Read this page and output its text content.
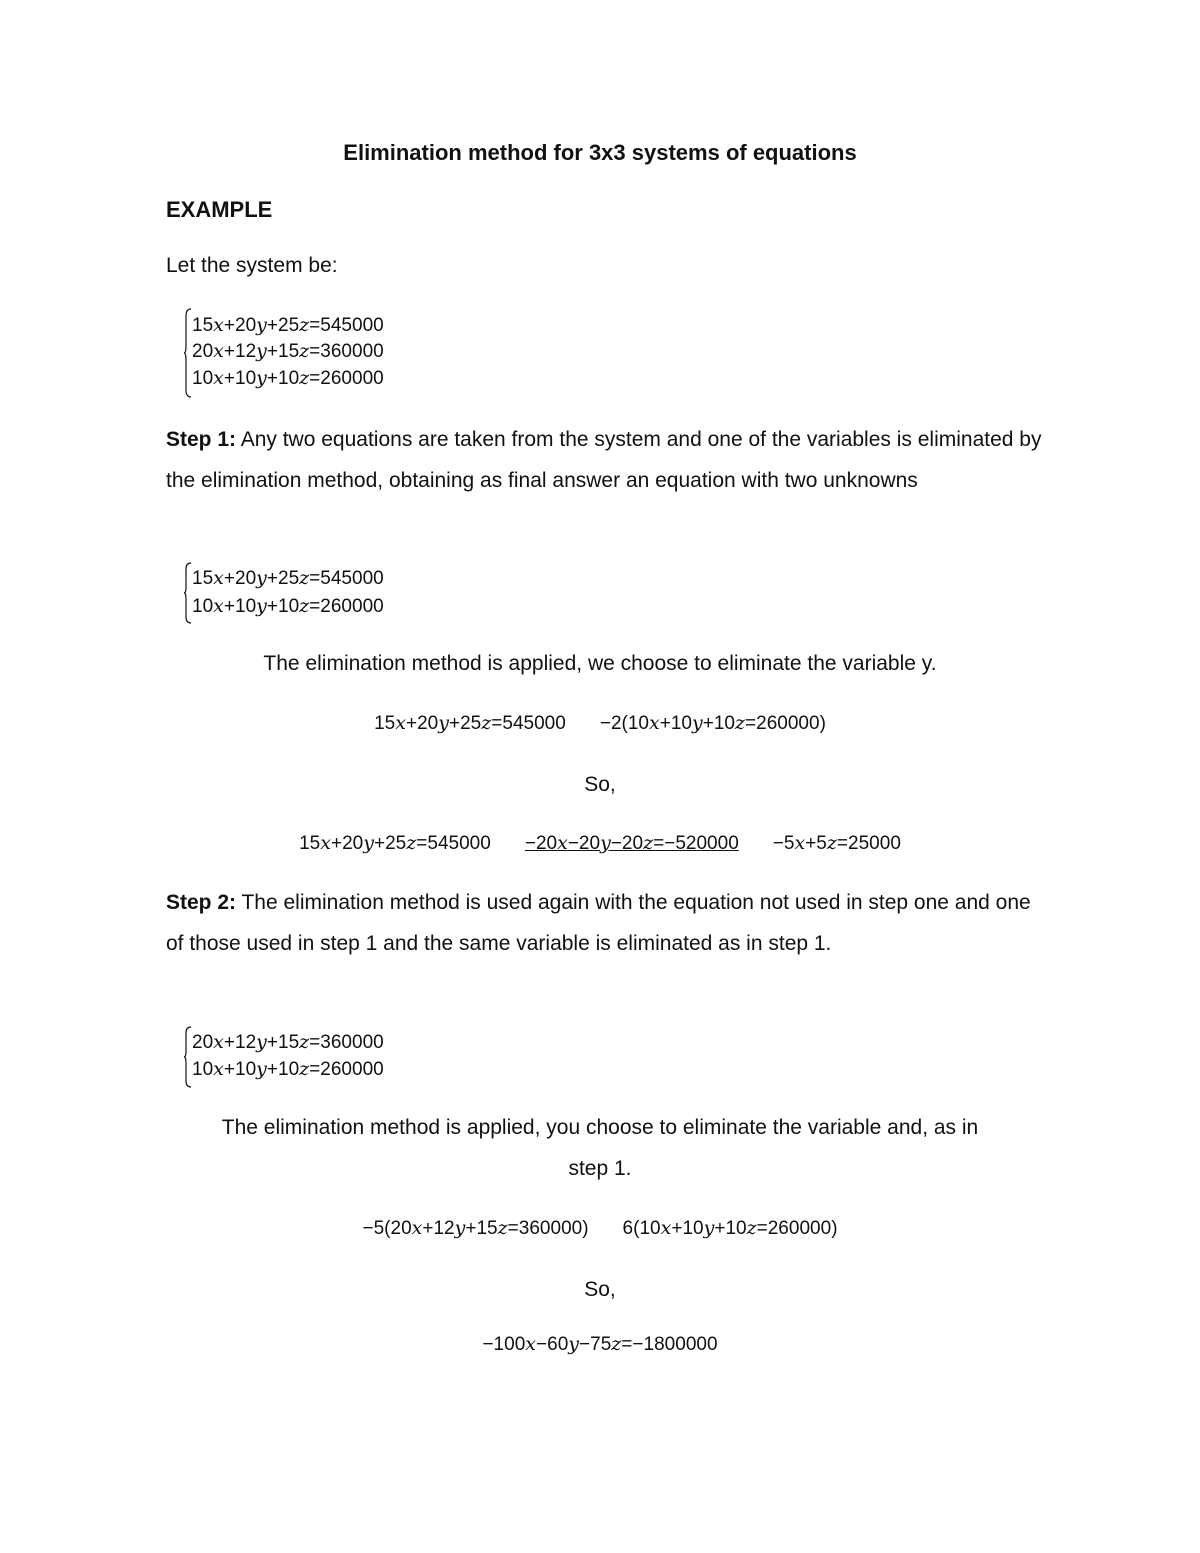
Elimination method for 3x3 systems of equations
EXAMPLE
Let the system be:
15x+20y+25z=545000
20x+12y+15z=360000
10x+10y+10z=260000
Step 1: Any two equations are taken from the system and one of the variables is eliminated by the elimination method, obtaining as final answer an equation with two unknowns
15x+20y+25z=545000
10x+10y+10z=260000
The elimination method is applied, we choose to eliminate the variable y.
15x+20y+25z=545000 −2(10x+10y+10z=260000)
So,
15x+20y+25z=545000 −20x−20y−20z=−520000 −5x+5z=25000
Step 2: The elimination method is used again with the equation not used in step one and one of those used in step 1 and the same variable is eliminated as in step 1.
20x+12y+15z=360000
10x+10y+10z=260000
The elimination method is applied, you choose to eliminate the variable and, as in
step 1.
−5(20x+12y+15z=360000) 6(10x+10y+10z=260000)
So,
−100x−60y−75z=−1800000
